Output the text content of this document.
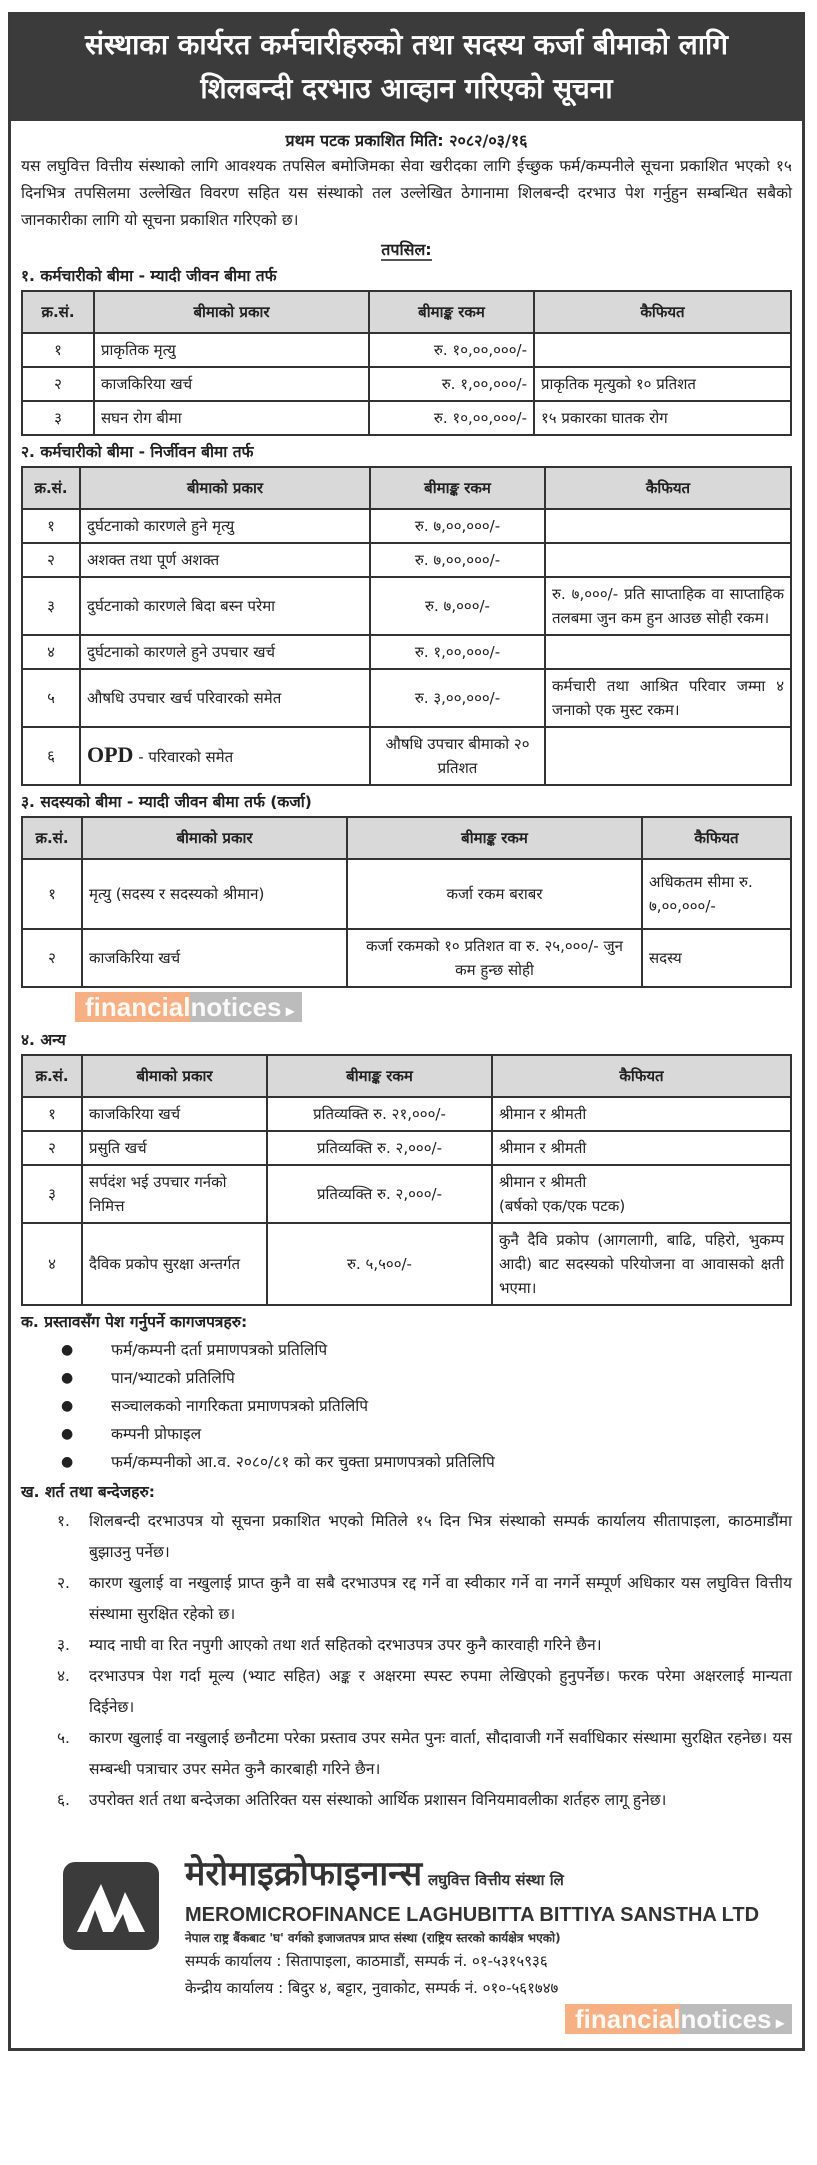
संस्थाका कार्यरत कर्मचारीहरुको तथा सदस्य कर्जा बीमाको लागि
शिलबन्दी दरभाउ आव्हान गरिएको सूचना
प्रथम पटक प्रकाशित मिति: २०८२/०३/१६
यस लघुवित्त वित्तीय संस्थाको लागि आवश्यक तपसिल बमोजिमका सेवा खरीदका लागि ईच्छुक फर्म/कम्पनीले सूचना प्रकाशित भएको १५ दिनभित्र तपसिलमा उल्लेखित विवरण सहित यस संस्थाको तल उल्लेखित ठेगानामा शिलबन्दी दरभाउ पेश गर्नुहुन सम्बन्धित सबैको जानकारीका लागि यो सूचना प्रकाशित गरिएको छ।
तपसिल:
१. कर्मचारीको बीमा - म्यादी जीवन बीमा तर्फ
क्र.सं.	बीमाको प्रकार	बीमाङ्क रकम	कैफियत
१	प्राकृतिक मृत्यु	रु. १०,००,०००/-	
२	काजकिरिया खर्च	रु. १,००,०००/-	प्राकृतिक मृत्युको १० प्रतिशत
३	सघन रोग बीमा	रु. १०,००,०००/-	१५ प्रकारका घातक रोग
२. कर्मचारीको बीमा - निर्जीवन बीमा तर्फ
क्र.सं.	बीमाको प्रकार	बीमाङ्क रकम	कैफियत
१	दुर्घटनाको कारणले हुने मृत्यु	रु. ७,००,०००/-	
२	अशक्त तथा पूर्ण अशक्त	रु. ७,००,०००/-	
३	दुर्घटनाको कारणले बिदा बस्न परेमा	रु. ७,०००/-	रु. ७,०००/- प्रति साप्ताहिक वा साप्ताहिक तलबमा जुन कम हुन आउछ सोही रकम।
४	दुर्घटनाको कारणले हुने उपचार खर्च	रु. १,००,०००/-	
५	औषधि उपचार खर्च परिवारको समेत	रु. ३,००,०००/-	कर्मचारी तथा आश्रित परिवार जम्मा ४ जनाको एक मुस्ट रकम।
६	OPD - परिवारको समेत	औषधि उपचार बीमाको २० प्रतिशत	
३. सदस्यको बीमा - म्यादी जीवन बीमा तर्फ (कर्जा)
क्र.सं.	बीमाको प्रकार	बीमाङ्क रकम	कैफियत
१	मृत्यु (सदस्य र सदस्यको श्रीमान)	कर्जा रकम बराबर	अधिकतम सीमा रु. ७,००,०००/-
२	काजकिरिया खर्च	कर्जा रकमको १० प्रतिशत वा रु. २५,०००/- जुन कम हुन्छ सोही	सदस्य
financial notices ▸
४. अन्य
क्र.सं.	बीमाको प्रकार	बीमाङ्क रकम	कैफियत
१	काजकिरिया खर्च	प्रतिव्यक्ति रु. २१,०००/-	श्रीमान र श्रीमती
२	प्रसुति खर्च	प्रतिव्यक्ति रु. २,०००/-	श्रीमान र श्रीमती
३	सर्पदंश भई उपचार गर्नको निमित्त	प्रतिव्यक्ति रु. २,०००/-	श्रीमान र श्रीमती
(बर्षको एक/एक पटक)

४	दैविक प्रकोप सुरक्षा अन्तर्गत	रु. ५,५००/-	कुनै दैवि प्रकोप (आगलागी, बाढि, पहिरो, भुकम्प आदी) बाट सदस्यको परियोजना वा आवासको क्षती भएमा।
क. प्रस्तावसँग पेश गर्नुपर्ने कागजपत्रहरु:
●	फर्म/कम्पनी दर्ता प्रमाणपत्रको प्रतिलिपि
●	पान/भ्याटको प्रतिलिपि
●	सञ्चालकको नागरिकता प्रमाणपत्रको प्रतिलिपि
●	कम्पनी प्रोफाइल
●	फर्म/कम्पनीको आ.व. २०८०/८१ को कर चुक्ता प्रमाणपत्रको प्रतिलिपि
ख. शर्त तथा बन्देजहरु:
१.	शिलबन्दी दरभाउपत्र यो सूचना प्रकाशित भएको मितिले १५ दिन भित्र संस्थाको सम्पर्क कार्यालय सीतापाइला, काठमाडौंमा बुझाउनु पर्नेछ।
२.	कारण खुलाई वा नखुलाई प्राप्त कुनै वा सबै दरभाउपत्र रद्द गर्ने वा स्वीकार गर्ने वा नगर्ने सम्पूर्ण अधिकार यस लघुवित्त वित्तीय संस्थामा सुरक्षित रहेको छ।
३.	म्याद नाघी वा रित नपुगी आएको तथा शर्त सहितको दरभाउपत्र उपर कुनै कारवाही गरिने छैन।
४.	दरभाउपत्र पेश गर्दा मूल्य (भ्याट सहित) अङ्क र अक्षरमा स्पस्ट रुपमा लेखिएको हुनुपर्नेछ। फरक परेमा अक्षरलाई मान्यता दिईनेछ।
५.	कारण खुलाई वा नखुलाई छनौटमा परेका प्रस्ताव उपर समेत पुनः वार्ता, सौदावाजी गर्ने सर्वाधिकार संस्थामा सुरक्षित रहनेछ। यस सम्बन्धी पत्राचार उपर समेत कुनै कारबाही गरिने छैन।
६.	उपरोक्त शर्त तथा बन्देजका अतिरिक्त यस संस्थाको आर्थिक प्रशासन विनियमावलीका शर्तहरु लागू हुनेछ।
मेरोमाइक्रोफाइनान्स लघुवित्त वित्तीय संस्था लि
MEROMICROFINANCE LAGHUBITTA BITTIYA SANSTHA LTD
नेपाल राष्ट्र बैंकबाट 'घ' वर्गको इजाजतपत्र प्राप्त संस्था (राष्ट्रिय स्तरको कार्यक्षेत्र भएको)
सम्पर्क कार्यालय : सितापाइला, काठमाडौं, सम्पर्क नं. ०१-५३१५९३६
केन्द्रीय कार्यालय : बिदुर ४, बट्टार, नुवाकोट, सम्पर्क नं. ०१०-५६१७४७
financial notices ▸
